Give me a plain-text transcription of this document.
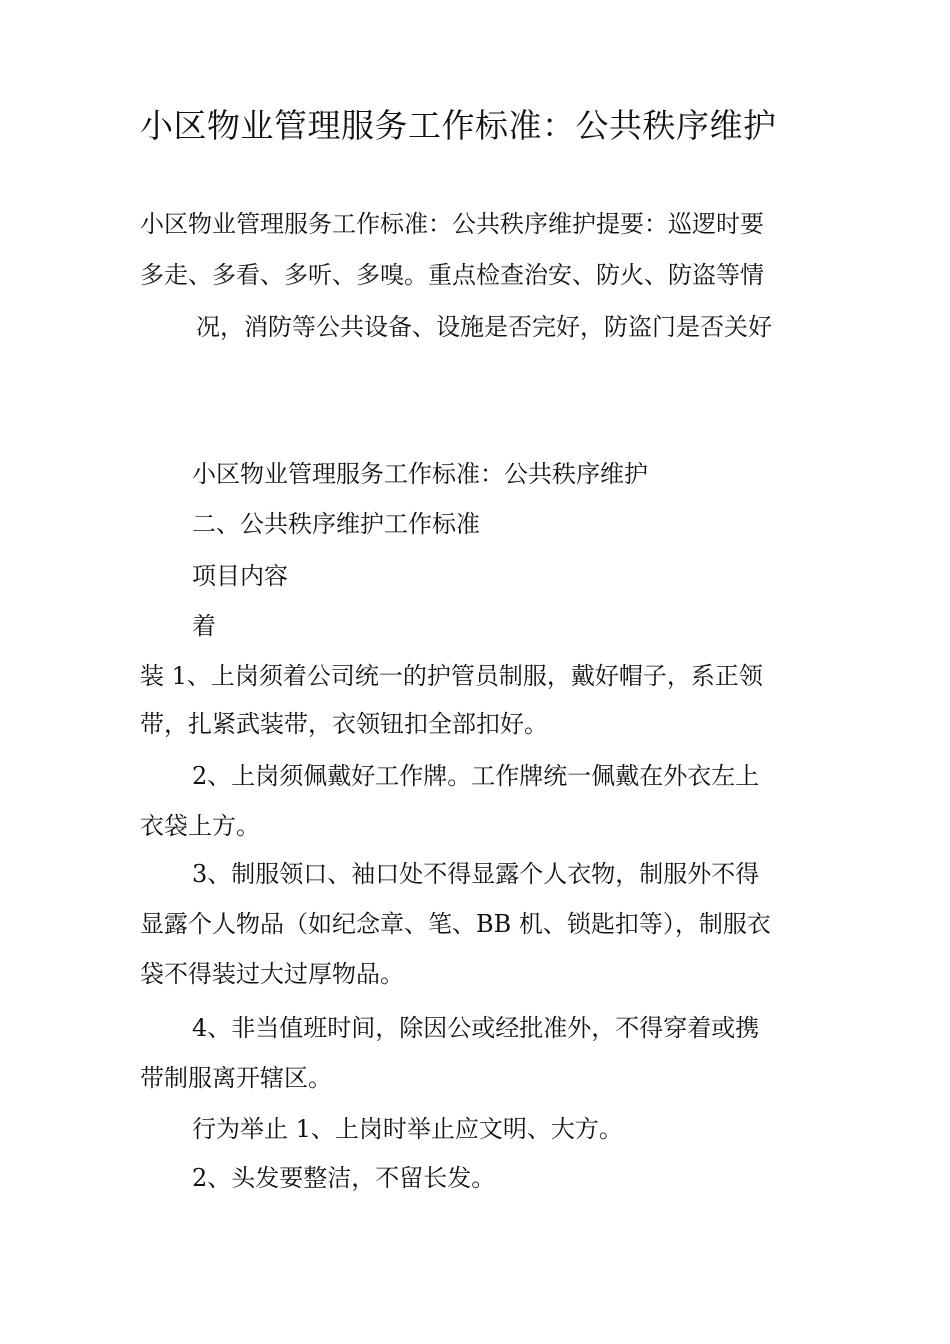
小区物业管理服务工作标准：公共秩序维护
小区物业管理服务工作标准：公共秩序维护提要：巡逻时要
多走、多看、多听、多嗅。重点检查治安、防火、防盗等情
况，消防等公共设备、设施是否完好，防盗门是否关好
小区物业管理服务工作标准：公共秩序维护
二、公共秩序维护工作标准
项目内容
着
装 1、上岗须着公司统一的护管员制服，戴好帽子，系正领
带，扎紧武装带，衣领钮扣全部扣好。
2、上岗须佩戴好工作牌。工作牌统一佩戴在外衣左上
衣袋上方。
3、制服领口、袖口处不得显露个人衣物，制服外不得
显露个人物品（如纪念章、笔、BB 机、锁匙扣等），制服衣
袋不得装过大过厚物品。
4、非当值班时间，除因公或经批准外，不得穿着或携
带制服离开辖区。
行为举止 1、上岗时举止应文明、大方。
2、头发要整洁，不留长发。
